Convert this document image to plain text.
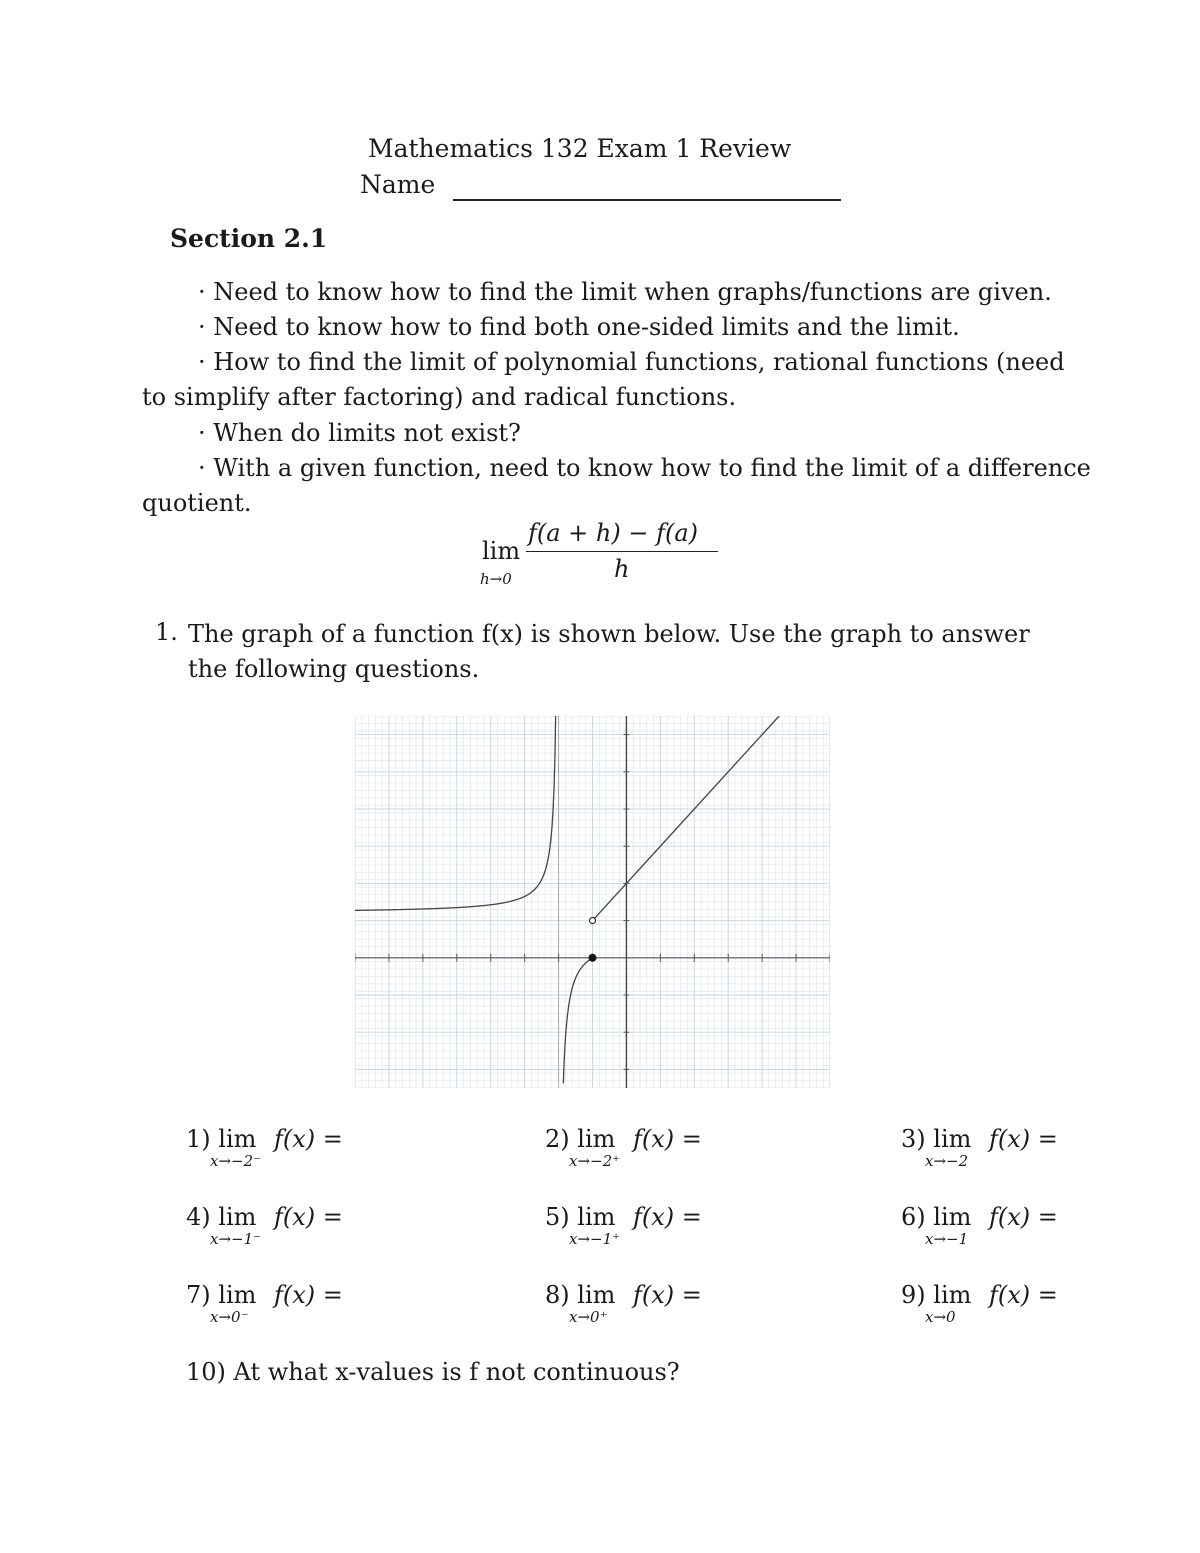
Mathematics 132 Exam 1 Review
Name
Section 2.1
· Need to know how to find the limit when graphs/functions are given.
· Need to know how to find both one-sided limits and the limit.
· How to find the limit of polynomial functions, rational functions (need
to simplify after factoring) and radical functions.
· When do limits not exist?
· With a given function, need to know how to find the limit of a difference
quotient.
lim
h→0
f(a + h) − f(a)
h
1. The graph of a function f(x) is shown below. Use the graph to answer
the following questions.
1) lim f(x) =
x→−2⁻
2) lim f(x) =
x→−2⁺
3) lim f(x) =
x→−2
4) lim f(x) =
x→−1⁻
5) lim f(x) =
x→−1⁺
6) lim f(x) =
x→−1
7) lim f(x) =
x→0⁻
8) lim f(x) =
x→0⁺
9) lim f(x) =
x→0
10) At what x-values is f not continuous?
